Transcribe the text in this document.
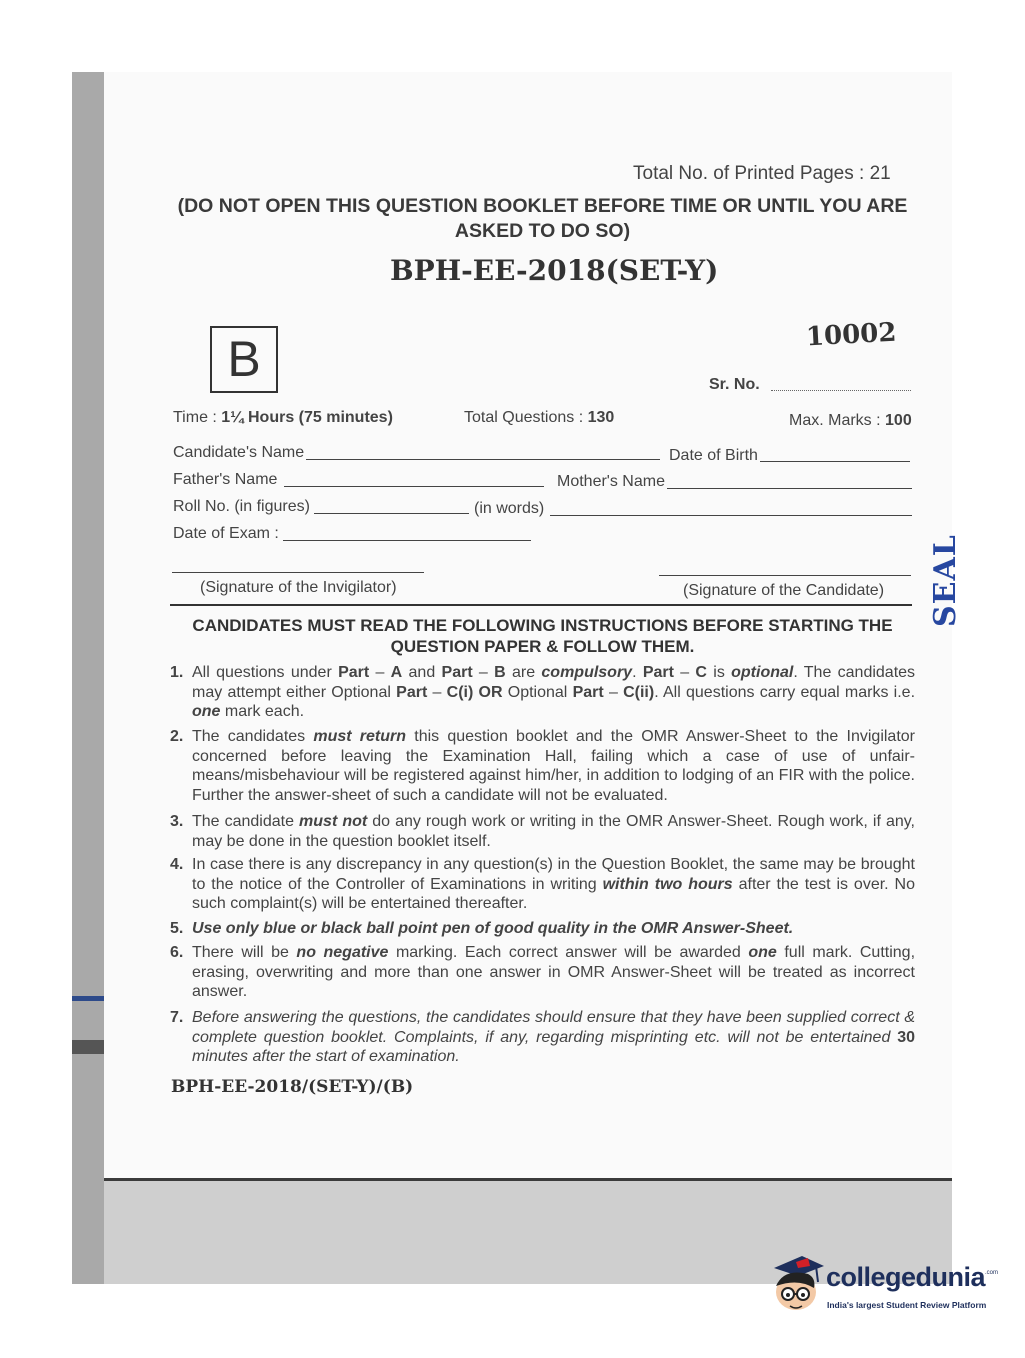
Total No. of Printed Pages : 21
(DO NOT OPEN THIS QUESTION BOOKLET BEFORE TIME OR UNTIL YOU ARE ASKED TO DO SO)
BPH-EE-2018(SET-Y)
B	10002
Sr. No.
Time : 1¼ Hours (75 minutes)	Total Questions : 130	Max. Marks : 100
Candidate's Name	Date of Birth
Father's Name	Mother's Name
Roll No. (in figures)	(in words)
Date of Exam :
SEAL
(Signature of the Invigilator)	(Signature of the Candidate)
CANDIDATES MUST READ THE FOLLOWING INSTRUCTIONS BEFORE STARTING THE QUESTION PAPER & FOLLOW THEM.
1. All questions under Part – A and Part – B are compulsory. Part – C is optional. The candidates may attempt either Optional Part – C(i) OR Optional Part – C(ii). All questions carry equal marks i.e. one mark each.
2. The candidates must return this question booklet and the OMR Answer-Sheet to the Invigilator concerned before leaving the Examination Hall, failing which a case of use of unfair-means/misbehaviour will be registered against him/her, in addition to lodging of an FIR with the police. Further the answer-sheet of such a candidate will not be evaluated.
3. The candidate must not do any rough work or writing in the OMR Answer-Sheet. Rough work, if any, may be done in the question booklet itself.
4. In case there is any discrepancy in any question(s) in the Question Booklet, the same may be brought to the notice of the Controller of Examinations in writing within two hours after the test is over. No such complaint(s) will be entertained thereafter.
5. Use only blue or black ball point pen of good quality in the OMR Answer-Sheet.
6. There will be no negative marking. Each correct answer will be awarded one full mark. Cutting, erasing, overwriting and more than one answer in OMR Answer-Sheet will be treated as incorrect answer.
7. Before answering the questions, the candidates should ensure that they have been supplied correct & complete question booklet. Complaints, if any, regarding misprinting etc. will not be entertained 30 minutes after the start of examination.
BPH-EE-2018/(SET-Y)/(B)
collegedunia .com
India's largest Student Review Platform
